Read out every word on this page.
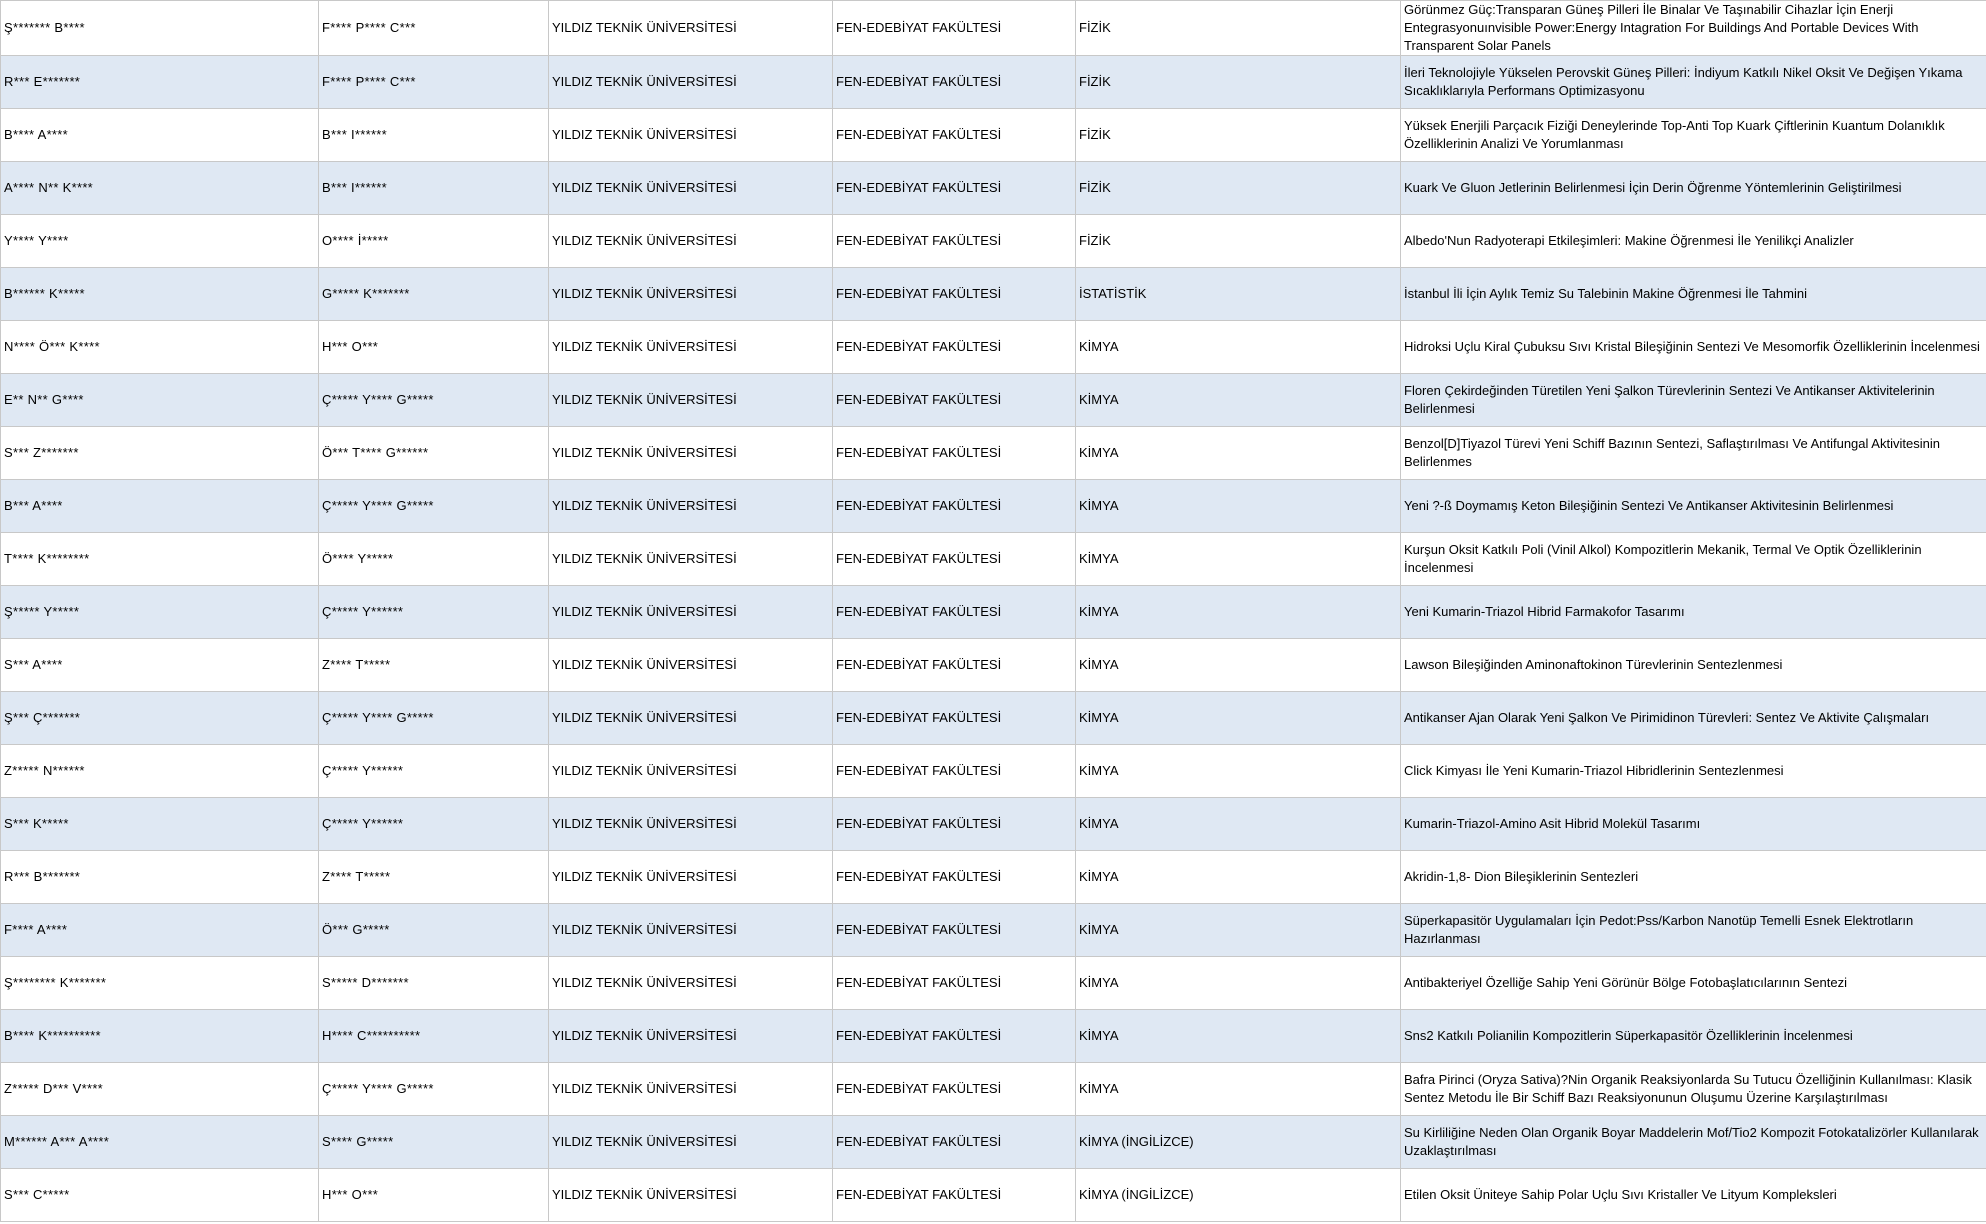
Ş******* B****	F**** P**** C***	YILDIZ TEKNİK ÜNİVERSİTESİ	FEN-EDEBİYAT FAKÜLTESİ	FİZİK	Görünmez Güç:Transparan Güneş Pilleri İle Binalar Ve Taşınabilir Cihazlar İçin Enerji Entegrasyonuınvisible Power:Energy Intagration For Buildings And Portable Devices With Transparent Solar Panels
R*** E*******	F**** P**** C***	YILDIZ TEKNİK ÜNİVERSİTESİ	FEN-EDEBİYAT FAKÜLTESİ	FİZİK	İleri Teknolojiyle Yükselen Perovskit Güneş Pilleri: İndiyum Katkılı Nikel Oksit Ve Değişen Yıkama Sıcaklıklarıyla Performans Optimizasyonu
B**** A****	B*** I******	YILDIZ TEKNİK ÜNİVERSİTESİ	FEN-EDEBİYAT FAKÜLTESİ	FİZİK	Yüksek Enerjili Parçacık Fiziği Deneylerinde Top-Anti Top Kuark Çiftlerinin Kuantum Dolanıklık Özelliklerinin Analizi Ve Yorumlanması
A**** N** K****	B*** I******	YILDIZ TEKNİK ÜNİVERSİTESİ	FEN-EDEBİYAT FAKÜLTESİ	FİZİK	Kuark Ve Gluon Jetlerinin Belirlenmesi İçin Derin Öğrenme Yöntemlerinin Geliştirilmesi
Y**** Y****	O**** İ*****	YILDIZ TEKNİK ÜNİVERSİTESİ	FEN-EDEBİYAT FAKÜLTESİ	FİZİK	Albedo'Nun Radyoterapi Etkileşimleri: Makine Öğrenmesi İle Yenilikçi Analizler
B****** K*****	G***** K*******	YILDIZ TEKNİK ÜNİVERSİTESİ	FEN-EDEBİYAT FAKÜLTESİ	İSTATİSTİK	İstanbul İli İçin Aylık Temiz Su Talebinin Makine Öğrenmesi İle Tahmini
N**** Ö*** K****	H*** O***	YILDIZ TEKNİK ÜNİVERSİTESİ	FEN-EDEBİYAT FAKÜLTESİ	KİMYA	Hidroksi Uçlu Kiral Çubuksu Sıvı Kristal Bileşiğinin Sentezi Ve Mesomorfik Özelliklerinin İncelenmesi
E** N** G****	Ç***** Y**** G*****	YILDIZ TEKNİK ÜNİVERSİTESİ	FEN-EDEBİYAT FAKÜLTESİ	KİMYA	Floren Çekirdeğinden Türetilen Yeni Şalkon Türevlerinin Sentezi Ve Antikanser Aktivitelerinin Belirlenmesi
S*** Z*******	Ö*** T**** G******	YILDIZ TEKNİK ÜNİVERSİTESİ	FEN-EDEBİYAT FAKÜLTESİ	KİMYA	Benzol[D]Tiyazol Türevi Yeni Schiff Bazının Sentezi, Saflaştırılması Ve Antifungal Aktivitesinin Belirlenmes
B*** A****	Ç***** Y**** G*****	YILDIZ TEKNİK ÜNİVERSİTESİ	FEN-EDEBİYAT FAKÜLTESİ	KİMYA	Yeni ?-ß Doymamış Keton Bileşiğinin Sentezi Ve Antikanser Aktivitesinin Belirlenmesi
T**** K********	Ö**** Y*****	YILDIZ TEKNİK ÜNİVERSİTESİ	FEN-EDEBİYAT FAKÜLTESİ	KİMYA	Kurşun Oksit Katkılı Poli (Vinil Alkol) Kompozitlerin Mekanik, Termal Ve Optik Özelliklerinin İncelenmesi
Ş***** Y*****	Ç***** Y******	YILDIZ TEKNİK ÜNİVERSİTESİ	FEN-EDEBİYAT FAKÜLTESİ	KİMYA	Yeni Kumarin-Triazol Hibrid Farmakofor Tasarımı
S*** A****	Z**** T*****	YILDIZ TEKNİK ÜNİVERSİTESİ	FEN-EDEBİYAT FAKÜLTESİ	KİMYA	Lawson Bileşiğinden Aminonaftokinon Türevlerinin Sentezlenmesi
Ş*** Ç*******	Ç***** Y**** G*****	YILDIZ TEKNİK ÜNİVERSİTESİ	FEN-EDEBİYAT FAKÜLTESİ	KİMYA	Antikanser Ajan Olarak Yeni Şalkon Ve Pirimidinon Türevleri: Sentez Ve Aktivite Çalışmaları
Z***** N******	Ç***** Y******	YILDIZ TEKNİK ÜNİVERSİTESİ	FEN-EDEBİYAT FAKÜLTESİ	KİMYA	Click Kimyası İle Yeni Kumarin-Triazol Hibridlerinin Sentezlenmesi
S*** K*****	Ç***** Y******	YILDIZ TEKNİK ÜNİVERSİTESİ	FEN-EDEBİYAT FAKÜLTESİ	KİMYA	Kumarin-Triazol-Amino Asit Hibrid Molekül Tasarımı
R*** B*******	Z**** T*****	YILDIZ TEKNİK ÜNİVERSİTESİ	FEN-EDEBİYAT FAKÜLTESİ	KİMYA	Akridin-1,8- Dion Bileşiklerinin Sentezleri
F**** A****	Ö*** G*****	YILDIZ TEKNİK ÜNİVERSİTESİ	FEN-EDEBİYAT FAKÜLTESİ	KİMYA	Süperkapasitör Uygulamaları İçin Pedot:Pss/Karbon Nanotüp Temelli Esnek Elektrotların Hazırlanması
Ş******** K*******	S***** D*******	YILDIZ TEKNİK ÜNİVERSİTESİ	FEN-EDEBİYAT FAKÜLTESİ	KİMYA	Antibakteriyel Özelliğe Sahip Yeni Görünür Bölge Fotobaşlatıcılarının Sentezi
B**** K**********	H**** C**********	YILDIZ TEKNİK ÜNİVERSİTESİ	FEN-EDEBİYAT FAKÜLTESİ	KİMYA	Sns2 Katkılı Polianilin Kompozitlerin Süperkapasitör Özelliklerinin İncelenmesi
Z***** D*** V****	Ç***** Y**** G*****	YILDIZ TEKNİK ÜNİVERSİTESİ	FEN-EDEBİYAT FAKÜLTESİ	KİMYA	Bafra Pirinci (Oryza Sativa)?Nin Organik Reaksiyonlarda Su Tutucu Özelliğinin Kullanılması: Klasik Sentez Metodu İle Bir Schiff Bazı Reaksiyonunun Oluşumu Üzerine Karşılaştırılması
M****** A*** A****	S**** G*****	YILDIZ TEKNİK ÜNİVERSİTESİ	FEN-EDEBİYAT FAKÜLTESİ	KİMYA (İNGİLİZCE)	Su Kirliliğine Neden Olan Organik Boyar Maddelerin Mof/Tio2 Kompozit Fotokatalizörler Kullanılarak Uzaklaştırılması
S*** C*****	H*** O***	YILDIZ TEKNİK ÜNİVERSİTESİ	FEN-EDEBİYAT FAKÜLTESİ	KİMYA (İNGİLİZCE)	Etilen Oksit Üniteye Sahip Polar Uçlu Sıvı Kristaller Ve Lityum Kompleksleri
